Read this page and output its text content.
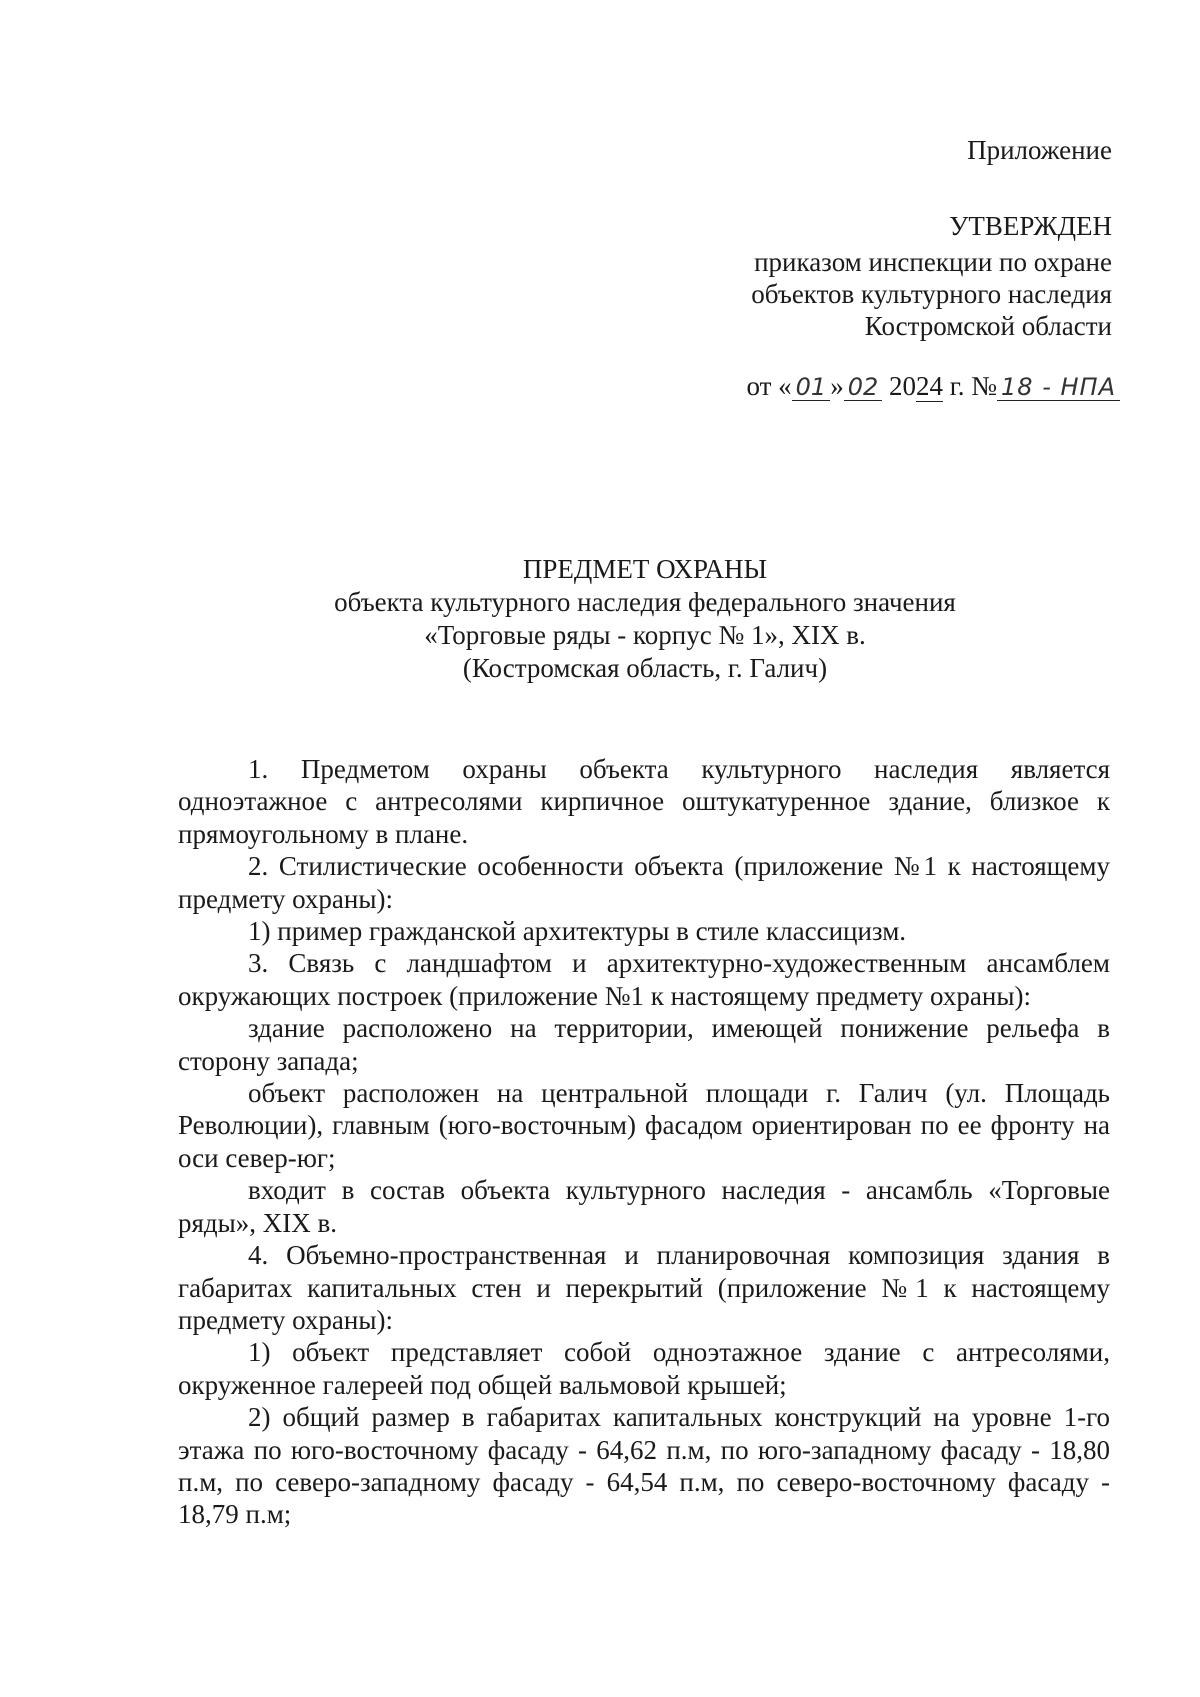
Приложение
УТВЕРЖДЕН
приказом инспекции по охране
объектов культурного наследия
Костромской области
от « 01 » 02 2024 г. № 18 - НПА
ПРЕДМЕТ ОХРАНЫ
объекта культурного наследия федерального значения
«Торговые ряды - корпус № 1», XIX в.
(Костромская область, г. Галич)

1. Предметом охраны объекта культурного наследия является одноэтажное с антресолями кирпичное оштукатуренное здание, близкое к прямоугольному в плане.

2. Стилистические особенности объекта (приложение №1 к настоящему предмету охраны):

1) пример гражданской архитектуры в стиле классицизм.

3. Связь с ландшафтом и архитектурно-художественным ансамблем окружающих построек (приложение №1 к настоящему предмету охраны):

здание расположено на территории, имеющей понижение рельефа в сторону запада;

объект расположен на центральной площади г. Галич (ул. Площадь Революции), главным (юго-восточным) фасадом ориентирован по ее фронту на оси север-юг;

входит в состав объекта культурного наследия - ансамбль «Торговые ряды», XIX в.

4. Объемно-пространственная и планировочная композиция здания в габаритах капитальных стен и перекрытий (приложение №1 к настоящему предмету охраны):

1) объект представляет собой одноэтажное здание с антресолями, окруженное галереей под общей вальмовой крышей;

2) общий размер в габаритах капитальных конструкций на уровне 1-го этажа по юго-восточному фасаду - 64,62 п.м, по юго-западному фасаду - 18,80 п.м, по северо-западному фасаду - 64,54 п.м, по северо-восточному фасаду - 18,79 п.м;
